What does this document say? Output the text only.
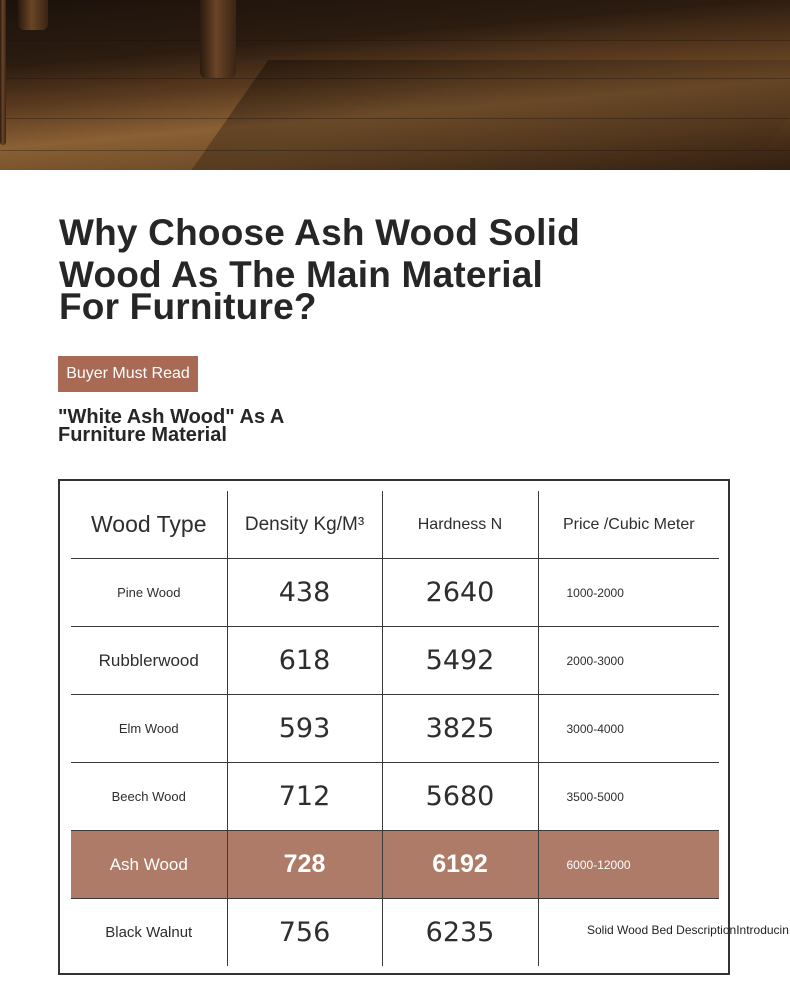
Why Choose Ash Wood Solid
Wood As The Main Material
For Furniture?
Buyer Must Read
"White Ash Wood" As A
Furniture Material
Wood Type	Density Kg/M³	Hardness N	Price /Cubic Meter
Pine Wood	438	2640	1000-2000
Rubblerwood	618	5492	2000-3000
Elm Wood	593	3825	3000-4000
Beech Wood	712	5680	3500-5000
Ash Wood	728	6192	6000-12000
Black Walnut	756	6235		Solid Wood Bed DescriptionIntroducin
